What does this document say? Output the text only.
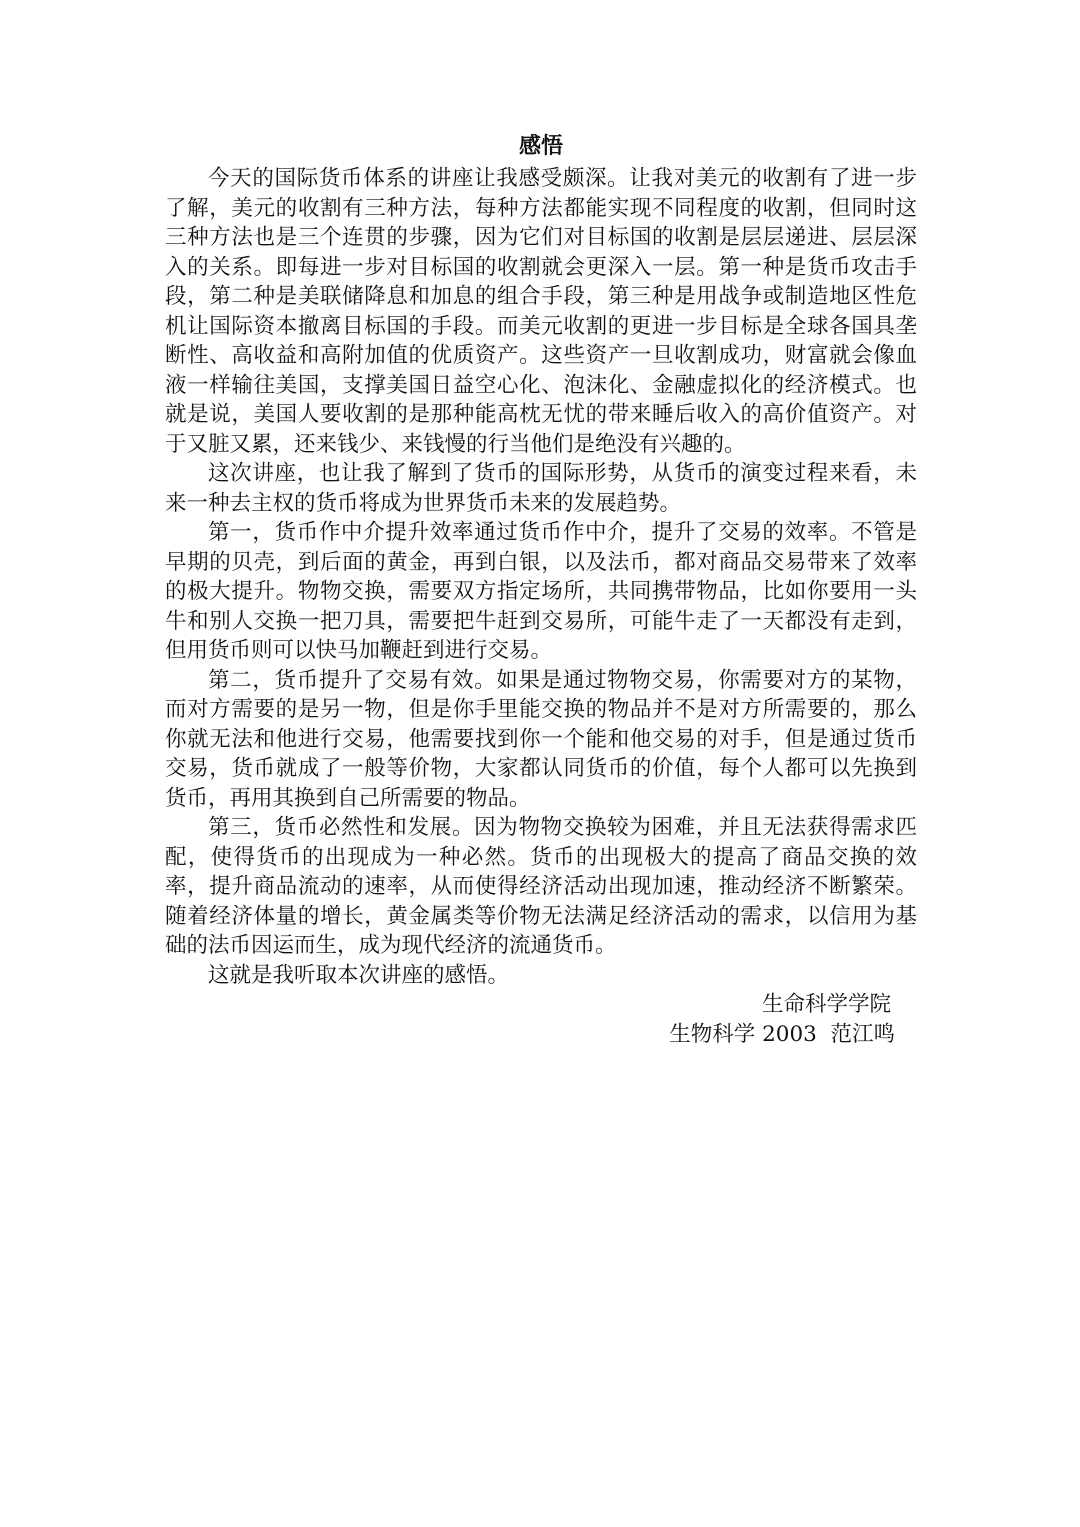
感悟

今天的国际货币体系的讲座让我感受颇深。让我对美元的收割有了进一步了解，美元的收割有三种方法，每种方法都能实现不同程度的收割，但同时这三种方法也是三个连贯的步骤，因为它们对目标国的收割是层层递进、层层深入的关系。即每进一步对目标国的收割就会更深入一层。第一种是货币攻击手段，第二种是美联储降息和加息的组合手段，第三种是用战争或制造地区性危机让国际资本撤离目标国的手段。而美元收割的更进一步目标是全球各国具垄断性、高收益和高附加值的优质资产。这些资产一旦收割成功，财富就会像血液一样输往美国，支撑美国日益空心化、泡沫化、金融虚拟化的经济模式。也就是说，美国人要收割的是那种能高枕无忧的带来睡后收入的高价值资产。对于又脏又累，还来钱少、来钱慢的行当他们是绝没有兴趣的。

这次讲座，也让我了解到了货币的国际形势，从货币的演变过程来看，未来一种去主权的货币将成为世界货币未来的发展趋势。

第一，货币作中介提升效率通过货币作中介，提升了交易的效率。不管是早期的贝壳，到后面的黄金，再到白银，以及法币，都对商品交易带来了效率的极大提升。物物交换，需要双方指定场所，共同携带物品，比如你要用一头牛和别人交换一把刀具，需要把牛赶到交易所，可能牛走了一天都没有走到，但用货币则可以快马加鞭赶到进行交易。

第二，货币提升了交易有效。如果是通过物物交易，你需要对方的某物，而对方需要的是另一物，但是你手里能交换的物品并不是对方所需要的，那么你就无法和他进行交易，他需要找到你一个能和他交易的对手，但是通过货币交易，货币就成了一般等价物，大家都认同货币的价值，每个人都可以先换到货币，再用其换到自己所需要的物品。

第三，货币必然性和发展。因为物物交换较为困难，并且无法获得需求匹配，使得货币的出现成为一种必然。货币的出现极大的提高了商品交换的效率，提升商品流动的速率，从而使得经济活动出现加速，推动经济不断繁荣。随着经济体量的增长，黄金属类等价物无法满足经济活动的需求，以信用为基础的法币因运而生，成为现代经济的流通货币。

这就是我听取本次讲座的感悟。

生命科学学院

生物科学 2003  范江鸣
